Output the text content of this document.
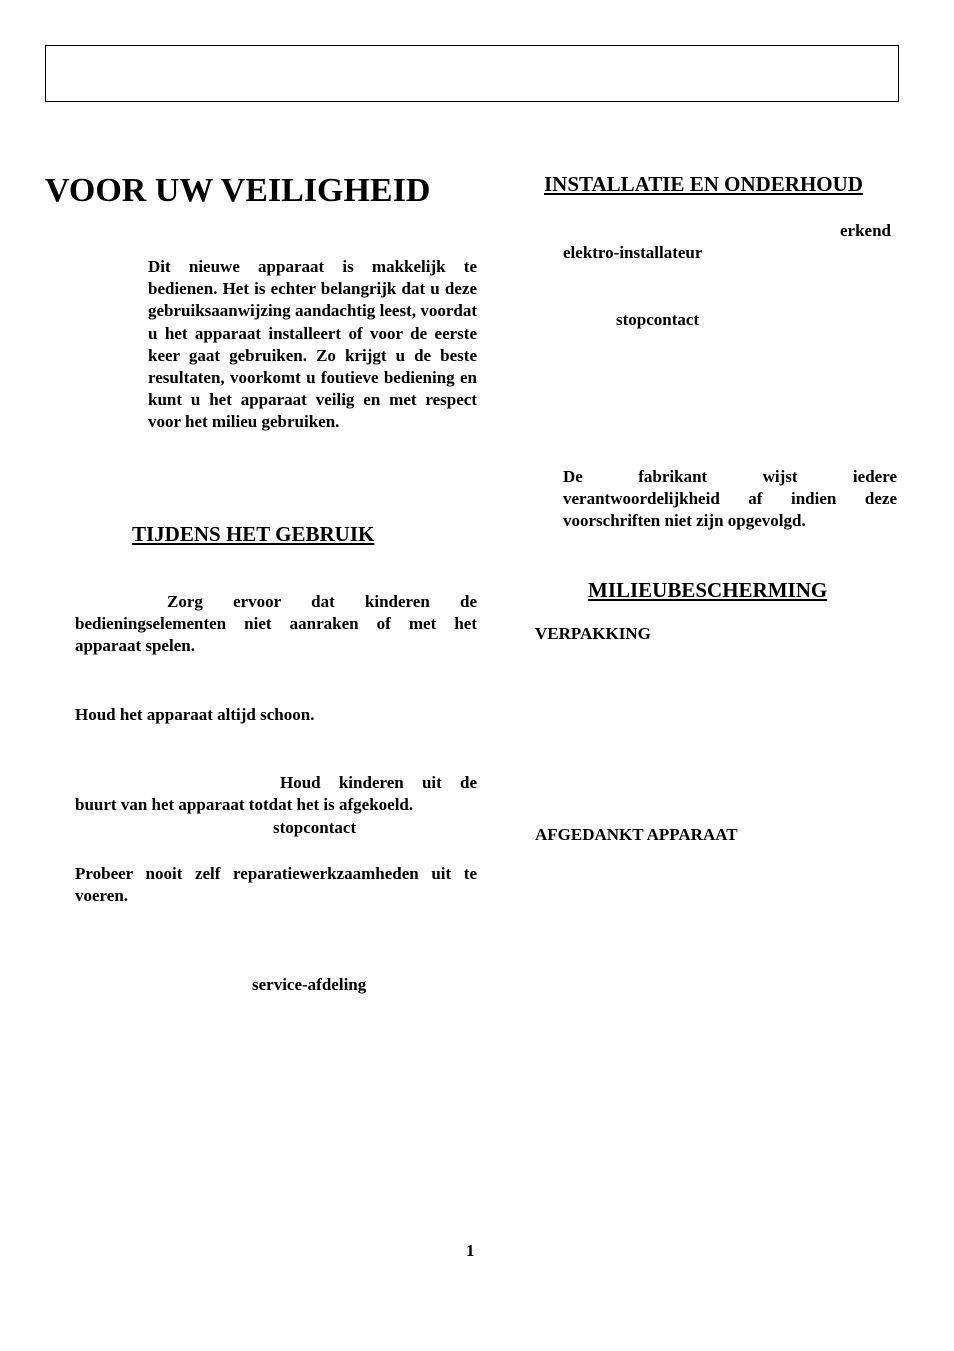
VOOR UW VEILIGHEID

Dit nieuwe apparaat is makkelijk te bedienen. Het is echter belangrijk dat u deze gebruiksaanwijzing aandachtig leest, voordat u het apparaat installeert of voor de eerste keer gaat gebruiken. Zo krijgt u de beste resultaten, voorkomt u foutieve bediening en kunt u het apparaat veilig en met respect voor het milieu gebruiken.

TIJDENS HET GEBRUIK

Zorg ervoor dat kinderen de bedieningselementen niet aanraken of met het apparaat spelen.

Houd het apparaat altijd schoon.

Houd kinderen uit de buurt van het apparaat totdat het is afgekoeld.

stopcontact

Probeer nooit zelf reparatiewerkzaamheden uit te voeren.

service-afdeling

INSTALLATIE EN ONDERHOUD

erkend

elektro-installateur

stopcontact

De fabrikant wijst iedere verantwoordelijkheid af indien deze voorschriften niet zijn opgevolgd.

MILIEUBESCHERMING
VERPAKKING
AFGEDANKT APPARAAT

1
